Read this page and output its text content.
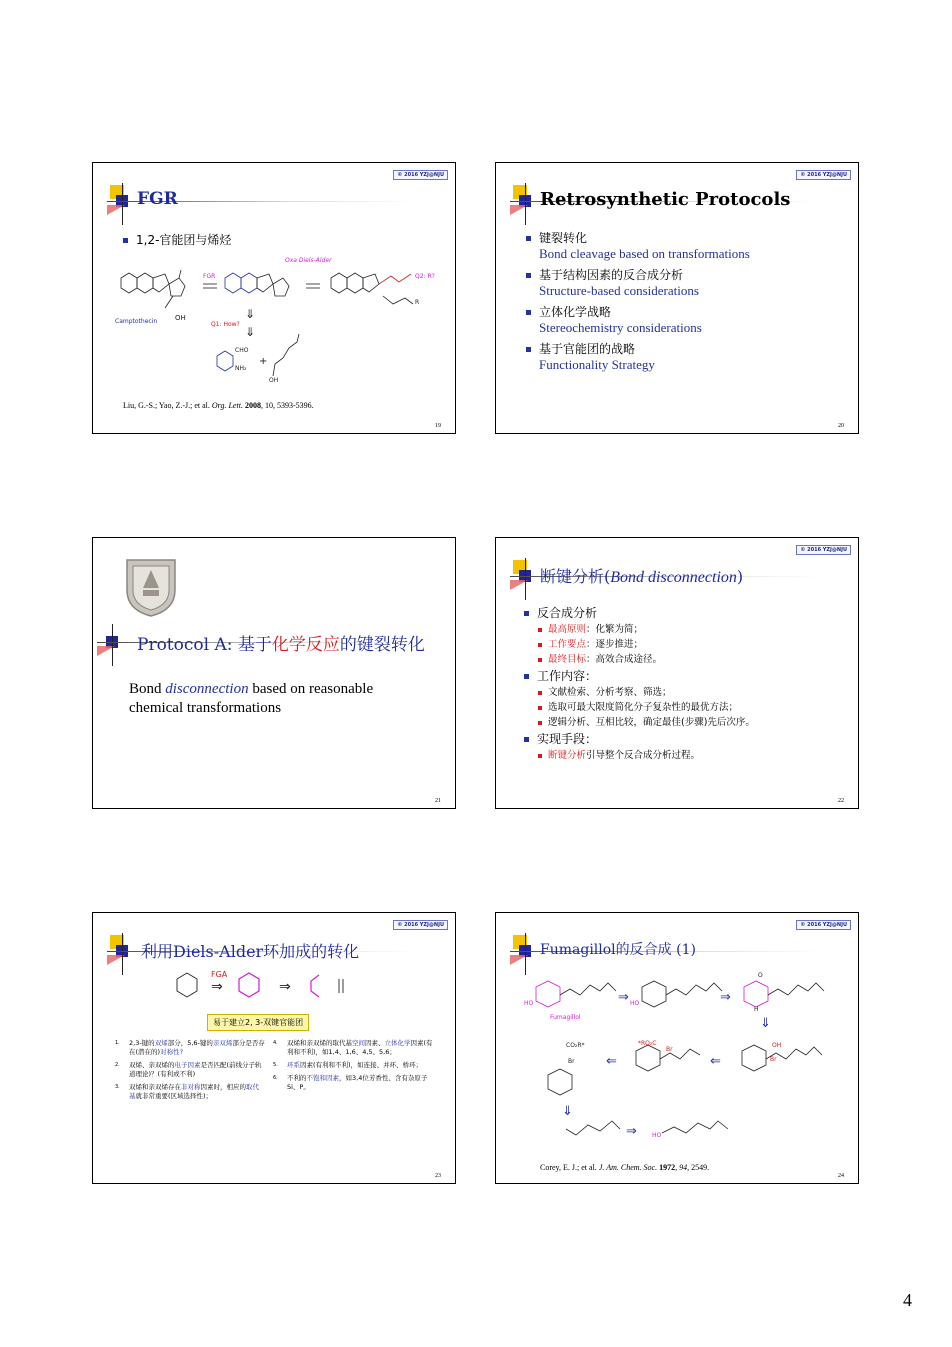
© 2016 YZJ@NJU
FGR
1,2-官能团与烯烃
Camptothecin	OH
FGR
Oxa Diels-Alder
Q2: R?
R
Q1: How?
⇓
⇓
CHO
NH₂
+
OH
Liu, G.-S.; Yao, Z.-J.; et al. Org. Lett. 2008, 10, 5393-5396.
19
© 2016 YZJ@NJU
Retrosynthetic Protocols
键裂转化
Bond cleavage based on transformations
基于结构因素的反合成分析
Structure-based considerations
立体化学战略
Stereochemistry considerations
基于官能团的战略
Functionality Strategy
20
Protocol A: 基于化学反应的键裂转化
Bond disconnection based on reasonable chemical transformations
21
© 2016 YZJ@NJU
断键分析(Bond disconnection)
反合成分析
最高原则：化繁为简；
工作要点：逐步推进；
最终目标：高效合成途径。
工作内容：
文献检索、分析考察、筛选；
选取可最大限度简化分子复杂性的最优方法；
逻辑分析、互相比较，确定最佳(步骤)先后次序。
实现手段：
断键分析引导整个反合成分析过程。
22
© 2016 YZJ@NJU
利用Diels-Alder环加成的转化
FGA
⇒	⇒
易于建立2, 3-双键官能团
1.	2,3-键的双烯部分，5,6-键的亲双烯部分是否存在(潜在的)对称性?
2.	双烯、亲双烯的电子因素是否匹配(前线分子轨道理论)？(有利或不利)
3.	双烯和亲双烯存在非对称因素时，相应的取代基就非常重要(区域选择性)；
4.	双烯和亲双烯的取代基空间因素、立体化学因素(有利和不利)，如1,4、1,6、4,5、5,6；
5.	环系因素(有利和不利)，如连接、并环、桥环；
6.	不利的不饱和因素，如3,4位芳香性、含有杂原子Si、P。
23
© 2016 YZJ@NJU
Fumagillol的反合成 (1)
Fumagillol
HO	HO
H
O
⇒	⇒
⇓
OH
Br
⇐
*RO₂C
Br
⇐
CO₂R*
Br
⇓
⇒	HO
Corey, E. J.; et al. J. Am. Chem. Soc. 1972, 94, 2549.
24
4
